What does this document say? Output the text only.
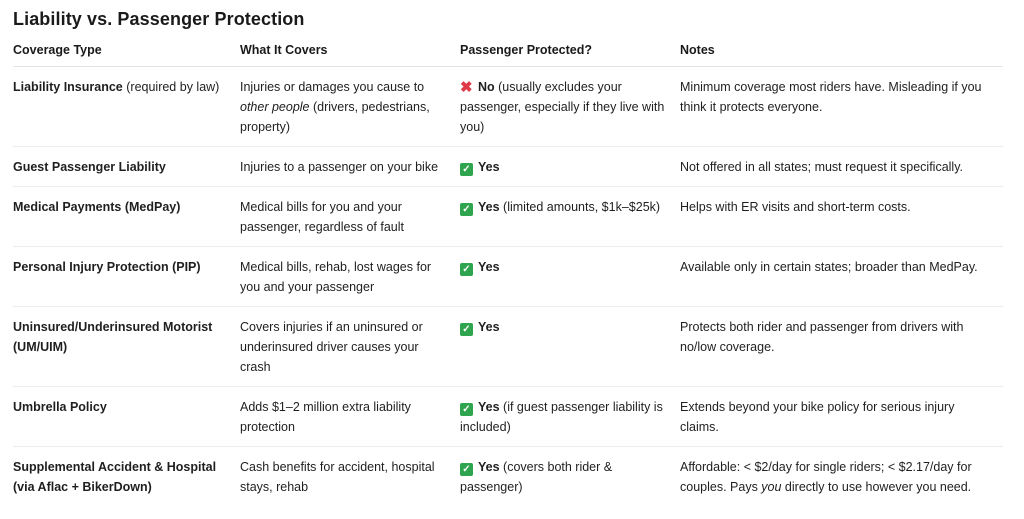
Liability vs. Passenger Protection
Coverage Type	What It Covers	Passenger Protected?	Notes
Liability Insurance (required by law)	Injuries or damages you cause to other people (drivers, pedestrians, property)	✖ No (usually excludes your passenger, especially if they live with you)	Minimum coverage most riders have. Misleading if you think it protects everyone.
Guest Passenger Liability	Injuries to a passenger on your bike	✓ Yes	Not offered in all states; must request it specifically.
Medical Payments (MedPay)	Medical bills for you and your passenger, regardless of fault	✓ Yes (limited amounts, $1k–$25k)	Helps with ER visits and short-term costs.
Personal Injury Protection (PIP)	Medical bills, rehab, lost wages for you and your passenger	✓ Yes	Available only in certain states; broader than MedPay.
Uninsured/Underinsured Motorist (UM/UIM)	Covers injuries if an uninsured or underinsured driver causes your crash	✓ Yes	Protects both rider and passenger from drivers with no/low coverage.
Umbrella Policy	Adds $1–2 million extra liability protection	✓ Yes (if guest passenger liability is included)	Extends beyond your bike policy for serious injury claims.
Supplemental Accident & Hospital (via Aflac + BikerDown)	Cash benefits for accident, hospital stays, rehab	✓ Yes (covers both rider & passenger)	Affordable: < $2/day for single riders; < $2.17/day for couples. Pays you directly to use however you need.
